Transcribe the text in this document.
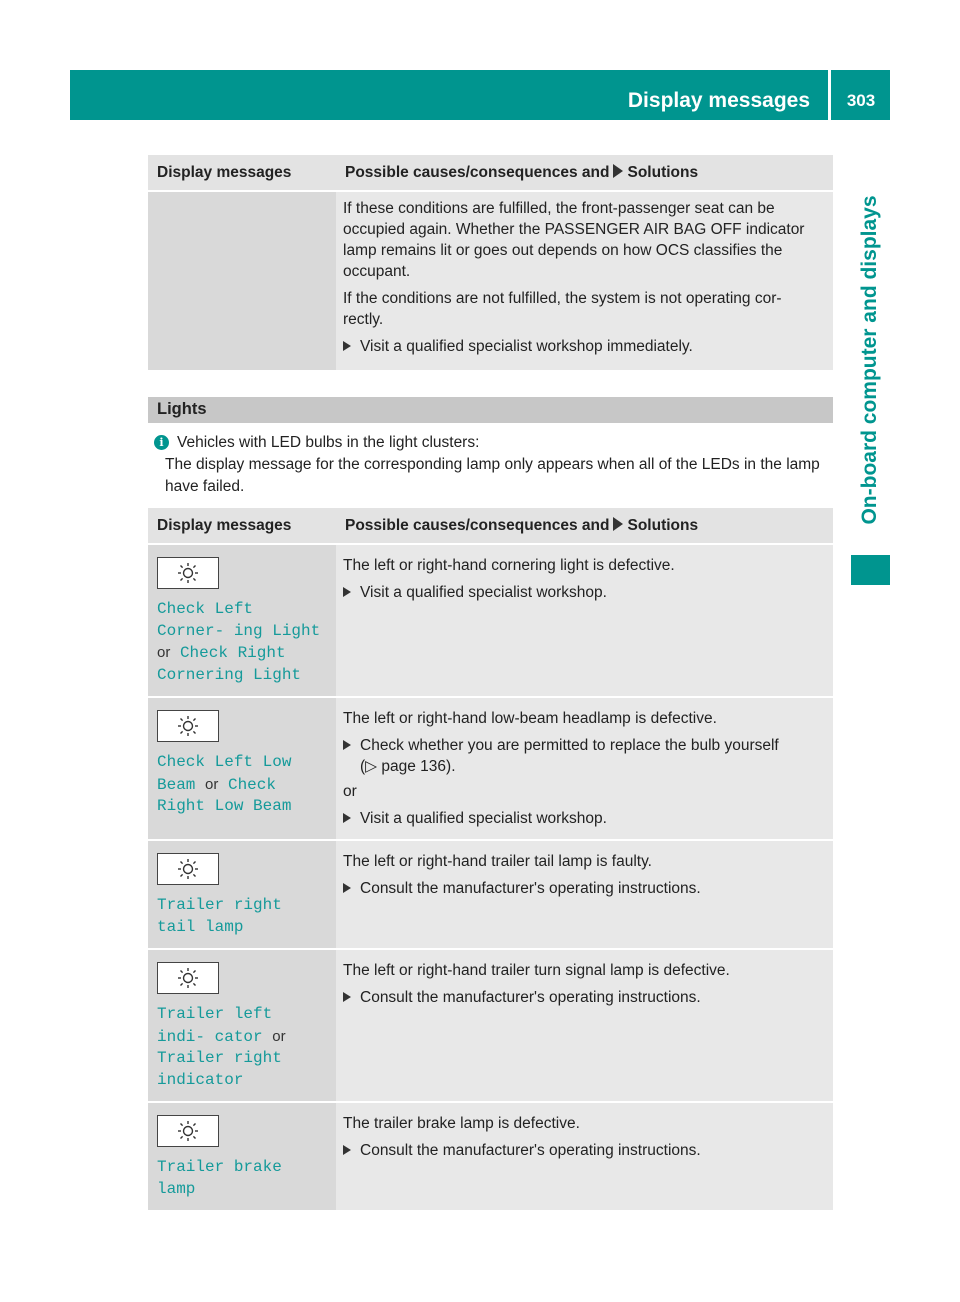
Display messages	303
On-board computer and displays
Display messages	Possible causes/consequences and Solutions

	If these conditions are fulfilled, the front-passenger seat can be occupied again. Whether the PASSENGER AIR BAG OFF indicator lamp remains lit or goes out depends on how OCS classifies the occupant.

If the conditions are not fulfilled, the system is not operating cor- rectly.

Visit a qualified specialist workshop immediately.
Lights
i Vehicles with LED bulbs in the light clusters:
The display message for the corresponding lamp only appears when all of the LEDs in the lamp have failed.
Display messages	Possible causes/consequences and Solutions

Check Left Corner- ing Light or Check Right Cornering Light	The left or right-hand cornering light is defective.

Visit a qualified specialist workshop.

Check Left Low Beam or Check Right Low Beam	The left or right-hand low-beam headlamp is defective.

Check whether you are permitted to replace the bulb yourself
(▷ page 136).

or

Visit a qualified specialist workshop.

Trailer right tail lamp	The left or right-hand trailer tail lamp is faulty.

Consult the manufacturer's operating instructions.

Trailer left indi- cator or Trailer right indicator	The left or right-hand trailer turn signal lamp is defective.

Consult the manufacturer's operating instructions.

Trailer brake lamp	The trailer brake lamp is defective.

Consult the manufacturer's operating instructions.
